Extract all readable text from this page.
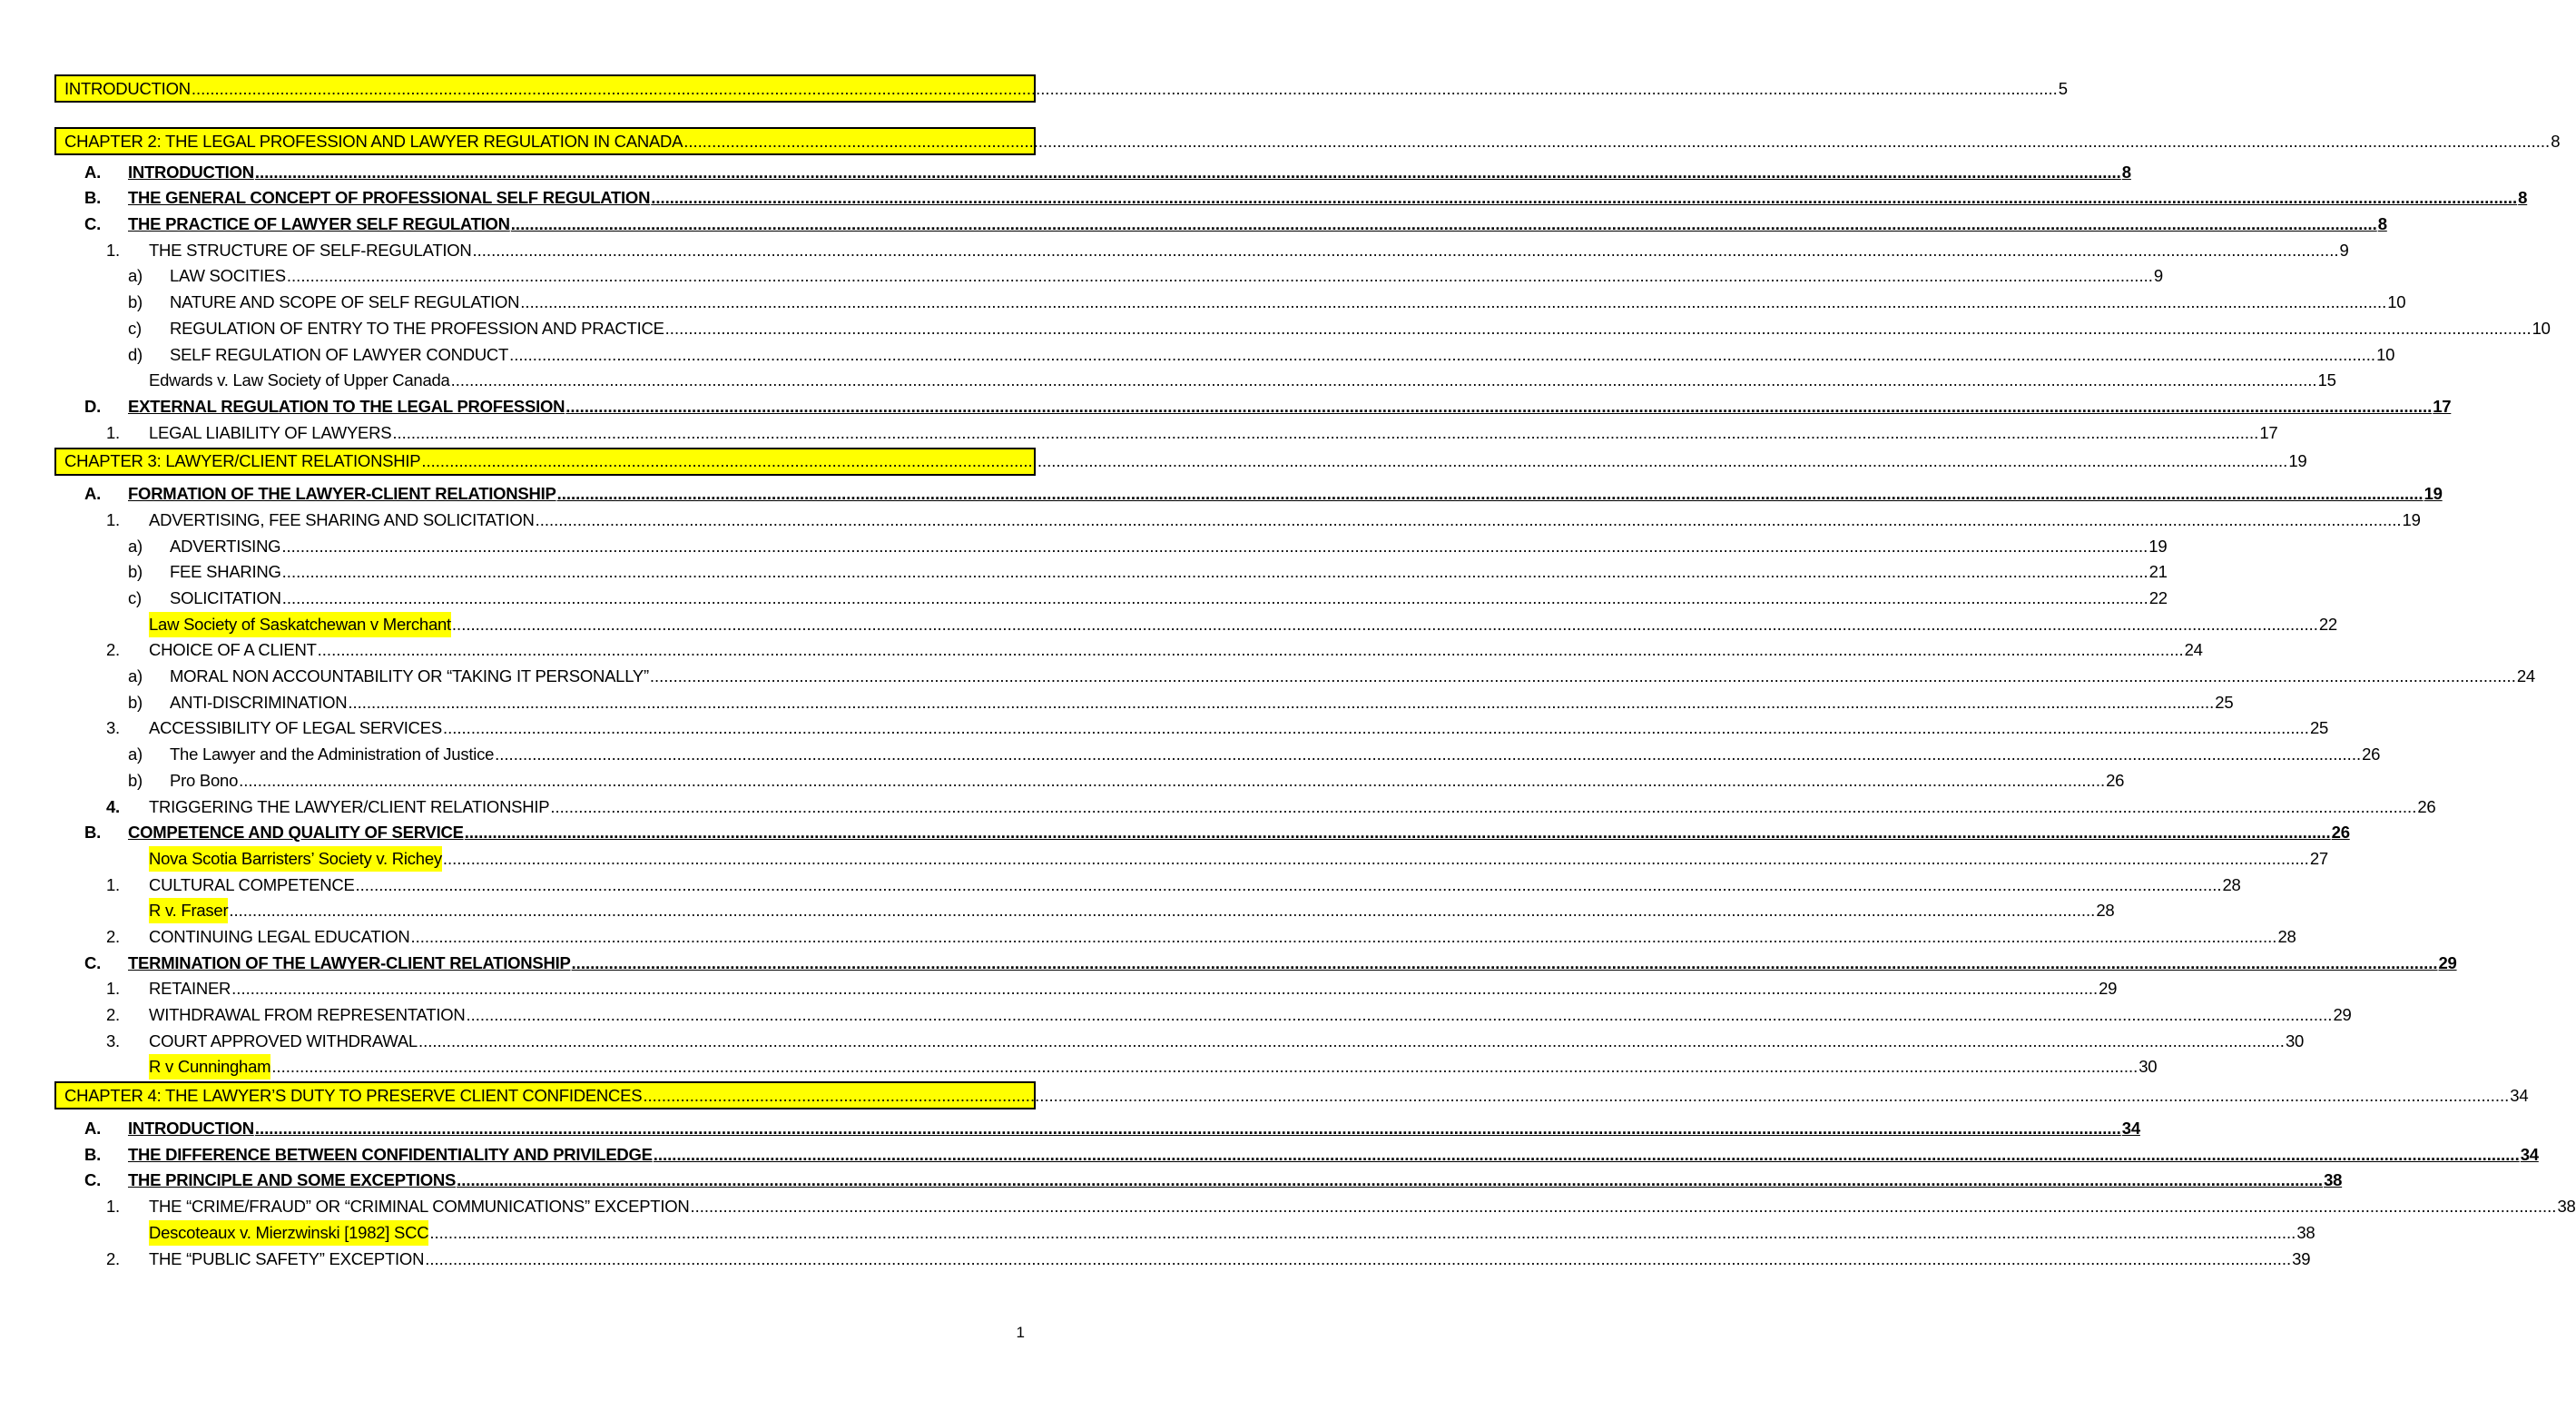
INTRODUCTION ................................................................................................................................................................................................................................................................................................................................................................................................................ 5
CHAPTER 2: THE LEGAL PROFESSION AND LAWYER REGULATION IN CANADA ................................................................................................................................................................................................................................................................................................................................................................................................................ 8
A.	INTRODUCTION ................................................................................................................................................................................................................................................................................................................................................................................................................ 8
B.	THE GENERAL CONCEPT OF PROFESSIONAL SELF REGULATION ................................................................................................................................................................................................................................................................................................................................................................................................................ 8
C.	THE PRACTICE OF LAWYER SELF REGULATION ................................................................................................................................................................................................................................................................................................................................................................................................................ 8
1.	THE STRUCTURE OF SELF-REGULATION ................................................................................................................................................................................................................................................................................................................................................................................................................ 9
a)	LAW SOCITIES ................................................................................................................................................................................................................................................................................................................................................................................................................ 9
b)	NATURE AND SCOPE OF SELF REGULATION ................................................................................................................................................................................................................................................................................................................................................................................................................ 10
c)	REGULATION OF ENTRY TO THE PROFESSION AND PRACTICE ................................................................................................................................................................................................................................................................................................................................................................................................................ 10
d)	SELF REGULATION OF LAWYER CONDUCT ................................................................................................................................................................................................................................................................................................................................................................................................................ 10
Edwards v. Law Society of Upper Canada ................................................................................................................................................................................................................................................................................................................................................................................................................ 15
D.	EXTERNAL REGULATION TO THE LEGAL PROFESSION ................................................................................................................................................................................................................................................................................................................................................................................................................ 17
1.	LEGAL LIABILITY OF LAWYERS ................................................................................................................................................................................................................................................................................................................................................................................................................ 17
CHAPTER 3: LAWYER/CLIENT RELATIONSHIP ................................................................................................................................................................................................................................................................................................................................................................................................................ 19
A.	FORMATION OF THE LAWYER-CLIENT RELATIONSHIP ................................................................................................................................................................................................................................................................................................................................................................................................................ 19
1.	ADVERTISING, FEE SHARING AND SOLICITATION ................................................................................................................................................................................................................................................................................................................................................................................................................ 19
a)	ADVERTISING ................................................................................................................................................................................................................................................................................................................................................................................................................ 19
b)	FEE SHARING ................................................................................................................................................................................................................................................................................................................................................................................................................ 21
c)	SOLICITATION ................................................................................................................................................................................................................................................................................................................................................................................................................ 22
Law Society of Saskatchewan v Merchant ................................................................................................................................................................................................................................................................................................................................................................................................................ 22
2.	CHOICE OF A CLIENT ................................................................................................................................................................................................................................................................................................................................................................................................................ 24
a)	MORAL NON ACCOUNTABILITY OR “TAKING IT PERSONALLY” ................................................................................................................................................................................................................................................................................................................................................................................................................ 24
b)	ANTI-DISCRIMINATION ................................................................................................................................................................................................................................................................................................................................................................................................................ 25
3.	ACCESSIBILITY OF LEGAL SERVICES ................................................................................................................................................................................................................................................................................................................................................................................................................ 25
a)	The Lawyer and the Administration of Justice ................................................................................................................................................................................................................................................................................................................................................................................................................ 26
b)	Pro Bono ................................................................................................................................................................................................................................................................................................................................................................................................................ 26
4.	TRIGGERING THE LAWYER/CLIENT RELATIONSHIP ................................................................................................................................................................................................................................................................................................................................................................................................................ 26
B.	COMPETENCE AND QUALITY OF SERVICE ................................................................................................................................................................................................................................................................................................................................................................................................................ 26
Nova Scotia Barristers’ Society v. Richey ................................................................................................................................................................................................................................................................................................................................................................................................................ 27
1.	CULTURAL COMPETENCE ................................................................................................................................................................................................................................................................................................................................................................................................................ 28
R v. Fraser ................................................................................................................................................................................................................................................................................................................................................................................................................ 28
2.	CONTINUING LEGAL EDUCATION ................................................................................................................................................................................................................................................................................................................................................................................................................ 28
C.	TERMINATION OF THE LAWYER-CLIENT RELATIONSHIP ................................................................................................................................................................................................................................................................................................................................................................................................................ 29
1.	RETAINER ................................................................................................................................................................................................................................................................................................................................................................................................................ 29
2.	WITHDRAWAL FROM REPRESENTATION ................................................................................................................................................................................................................................................................................................................................................................................................................ 29
3.	COURT APPROVED WITHDRAWAL ................................................................................................................................................................................................................................................................................................................................................................................................................ 30
R v Cunningham ................................................................................................................................................................................................................................................................................................................................................................................................................ 30
CHAPTER 4: THE LAWYER’S DUTY TO PRESERVE CLIENT CONFIDENCES ................................................................................................................................................................................................................................................................................................................................................................................................................ 34
A.	INTRODUCTION ................................................................................................................................................................................................................................................................................................................................................................................................................ 34
B.	THE DIFFERENCE BETWEEN CONFIDENTIALITY AND PRIVILEDGE ................................................................................................................................................................................................................................................................................................................................................................................................................ 34
C.	THE PRINCIPLE AND SOME EXCEPTIONS ................................................................................................................................................................................................................................................................................................................................................................................................................ 38
1.	THE “CRIME/FRAUD” OR “CRIMINAL COMMUNICATIONS” EXCEPTION ................................................................................................................................................................................................................................................................................................................................................................................................................ 38
Descoteaux v. Mierzwinski [1982] SCC ................................................................................................................................................................................................................................................................................................................................................................................................................ 38
2.	THE “PUBLIC SAFETY” EXCEPTION ................................................................................................................................................................................................................................................................................................................................................................................................................ 39
1
